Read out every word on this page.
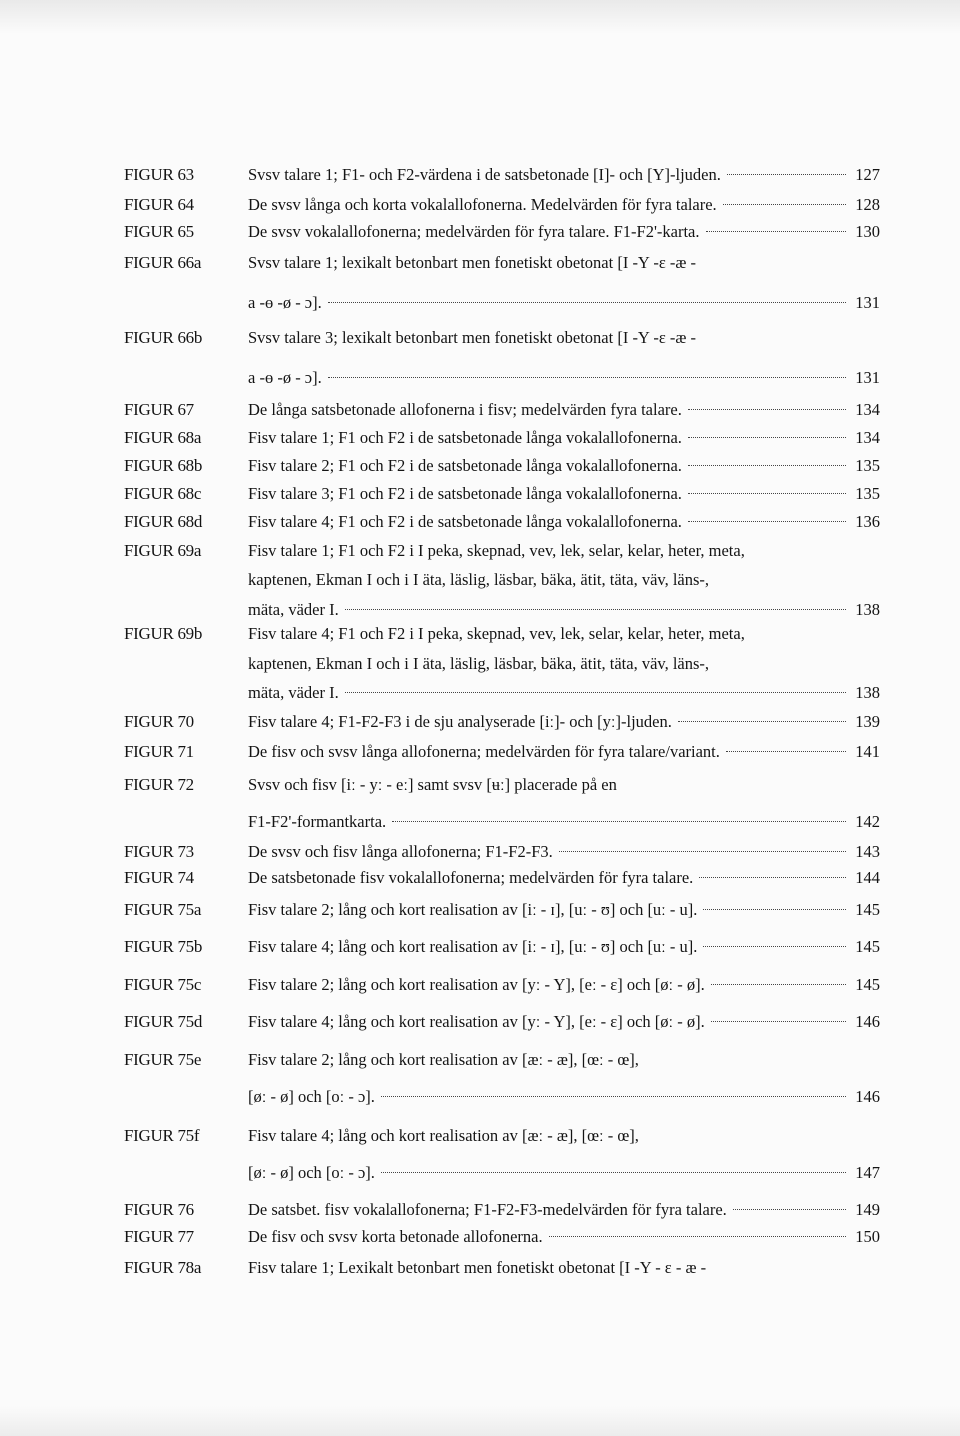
FIGUR 63	Svsv talare 1; F1- och F2-värdena i de satsbetonade [I]- och [Y]-ljuden.	127
FIGUR 64	De svsv långa och korta vokalallofonerna. Medelvärden för fyra talare.	128
FIGUR 65	De svsv vokalallofonerna; medelvärden för fyra talare. F1-F2'-karta.	130
FIGUR 66a	Svsv talare 1; lexikalt betonbart men fonetiskt obetonat [I -Y -ɛ -æ -
a -ɵ -ø - ɔ].	131
FIGUR 66b	Svsv talare 3; lexikalt betonbart men fonetiskt obetonat [I -Y -ɛ -æ -
a -ɵ -ø - ɔ].	131
FIGUR 67	De långa satsbetonade allofonerna i fisv; medelvärden fyra talare.	134
FIGUR 68a	Fisv talare 1; F1 och F2 i de satsbetonade långa vokalallofonerna.	134
FIGUR 68b	Fisv talare 2; F1 och F2 i de satsbetonade långa vokalallofonerna.	135
FIGUR 68c	Fisv talare 3; F1 och F2 i de satsbetonade långa vokalallofonerna.	135
FIGUR 68d	Fisv talare 4; F1 och F2 i de satsbetonade långa vokalallofonerna.	136
FIGUR 69a	Fisv talare 1; F1 och F2 i I peka, skepnad, vev, lek, selar, kelar, heter, meta,
kaptenen, Ekman I och i I äta, läslig, läsbar, bäka, ätit, täta, väv, läns-,
mäta, väder I.	138
FIGUR 69b	Fisv talare 4; F1 och F2 i I peka, skepnad, vev, lek, selar, kelar, heter, meta,
kaptenen, Ekman I och i I äta, läslig, läsbar, bäka, ätit, täta, väv, läns-,
mäta, väder I.	138
FIGUR 70	Fisv talare 4; F1-F2-F3 i de sju analyserade [iː]- och [yː]-ljuden.	139
FIGUR 71	De fisv och svsv långa allofonerna; medelvärden för fyra talare/variant.	141
FIGUR 72	Svsv och fisv [iː - yː - eː] samt svsv [ʉː] placerade på en
F1-F2'-formantkarta.	142
FIGUR 73	De svsv och fisv långa allofonerna; F1-F2-F3.	143
FIGUR 74	De satsbetonade fisv vokalallofonerna; medelvärden för fyra talare.	144
FIGUR 75a	Fisv talare 2; lång och kort realisation av [iː - ɪ], [uː - ʊ] och [uː - u].	145
FIGUR 75b	Fisv talare 4; lång och kort realisation av [iː - ɪ], [uː - ʊ] och [uː - u].	145
FIGUR 75c	Fisv talare 2; lång och kort realisation av [yː - Y], [eː - ɛ] och [øː - ø].	145
FIGUR 75d	Fisv talare 4; lång och kort realisation av [yː - Y], [eː - ɛ] och [øː - ø].	146
FIGUR 75e	Fisv talare 2; lång och kort realisation av [æː - æ], [œː - œ],
[øː - ø] och [oː - ɔ].	146
FIGUR 75f	Fisv talare 4; lång och kort realisation av [æː - æ], [œː - œ],
[øː - ø] och [oː - ɔ].	147
FIGUR 76	De satsbet. fisv vokalallofonerna; F1-F2-F3-medelvärden för fyra talare.	149
FIGUR 77	De fisv och svsv korta betonade allofonerna.	150
FIGUR 78a	Fisv talare 1; Lexikalt betonbart men fonetiskt obetonat [I -Y - ɛ - æ -
